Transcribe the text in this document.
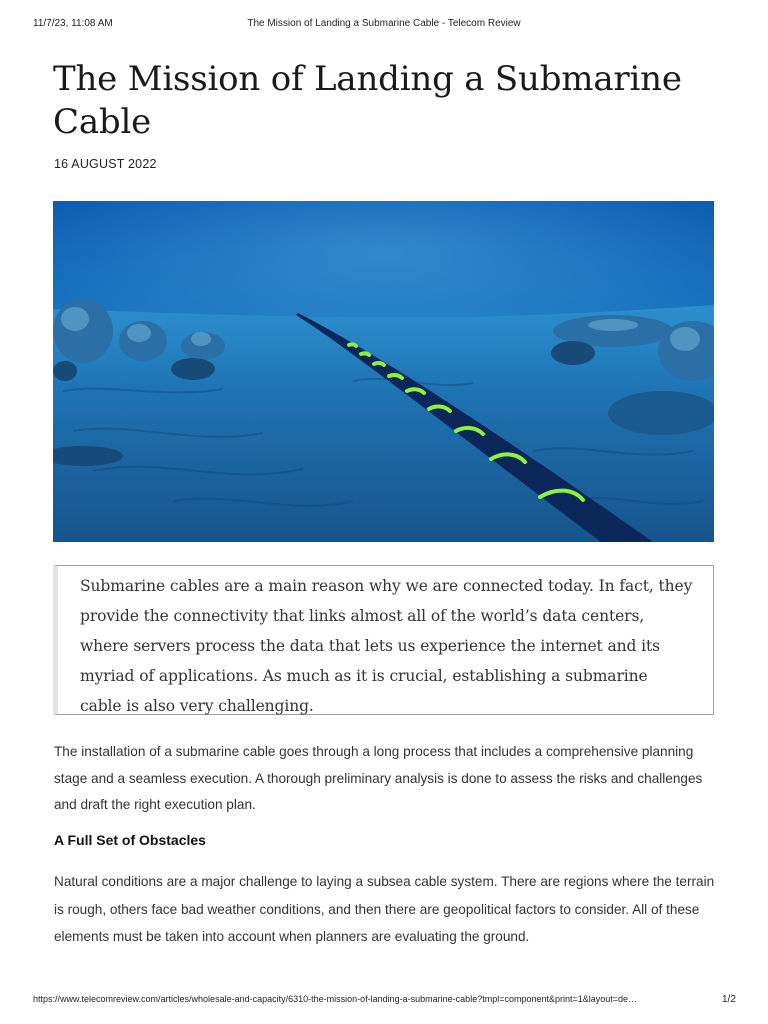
11/7/23, 11:08 AM	The Mission of Landing a Submarine Cable - Telecom Review
The Mission of Landing a Submarine Cable
16 AUGUST 2022

Submarine cables are a main reason why we are connected today. In fact, they provide the connectivity that links almost all of the world’s data centers, where servers process the data that lets us experience the internet and its myriad of applications. As much as it is crucial, establishing a submarine cable is also very challenging.

The installation of a submarine cable goes through a long process that includes a comprehensive planning stage and a seamless execution. A thorough preliminary analysis is done to assess the risks and challenges and draft the right execution plan.

A Full Set of Obstacles

Natural conditions are a major challenge to laying a subsea cable system. There are regions where the terrain is rough, others face bad weather conditions, and then there are geopolitical factors to consider. All of these elements must be taken into account when planners are evaluating the ground.

https://www.telecomreview.com/articles/wholesale-and-capacity/6310-the-mission-of-landing-a-submarine-cable?tmpl=component&print=1&layout=de…	1/2
